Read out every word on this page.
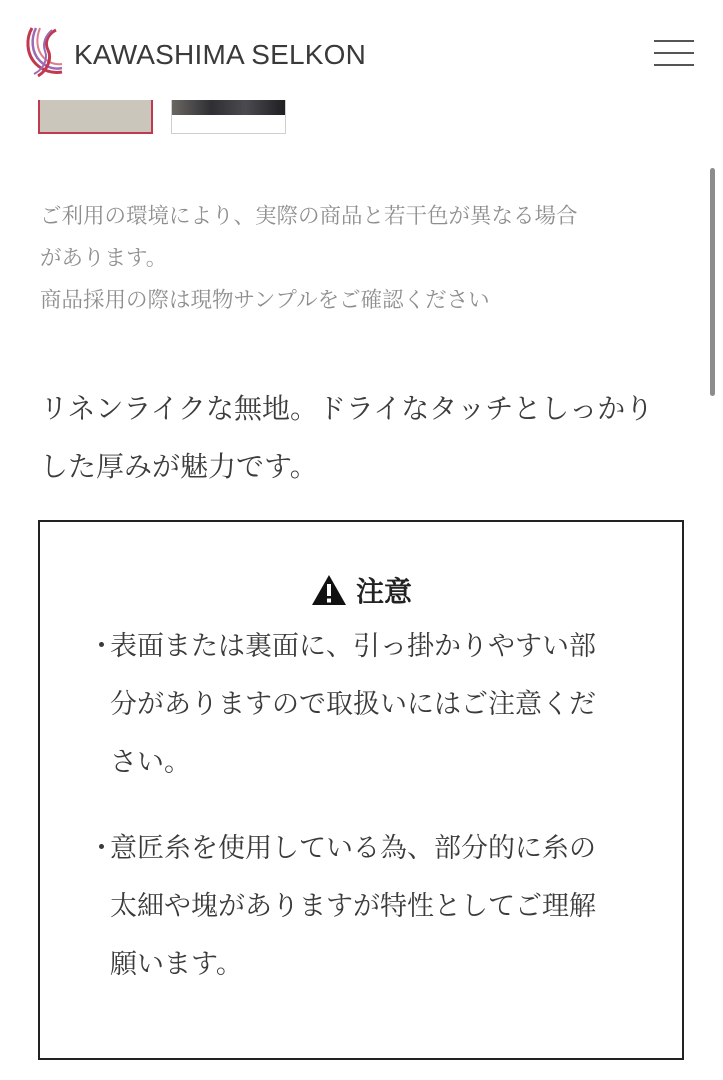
KAWASHIMA SELKON

ご利用の環境により、実際の商品と若干色が異なる場合

があります。

商品採用の際は現物サンプルをご確認ください

リネンライクな無地。ドライなタッチとしっかり

した厚みが魅力です。

注意
・

表面または裏面に、引っ掛かりやすい部

分がありますので取扱いにはご注意くだ

さい。

・

意匠糸を使用している為、部分的に糸の

太細や塊がありますが特性としてご理解

願います。
